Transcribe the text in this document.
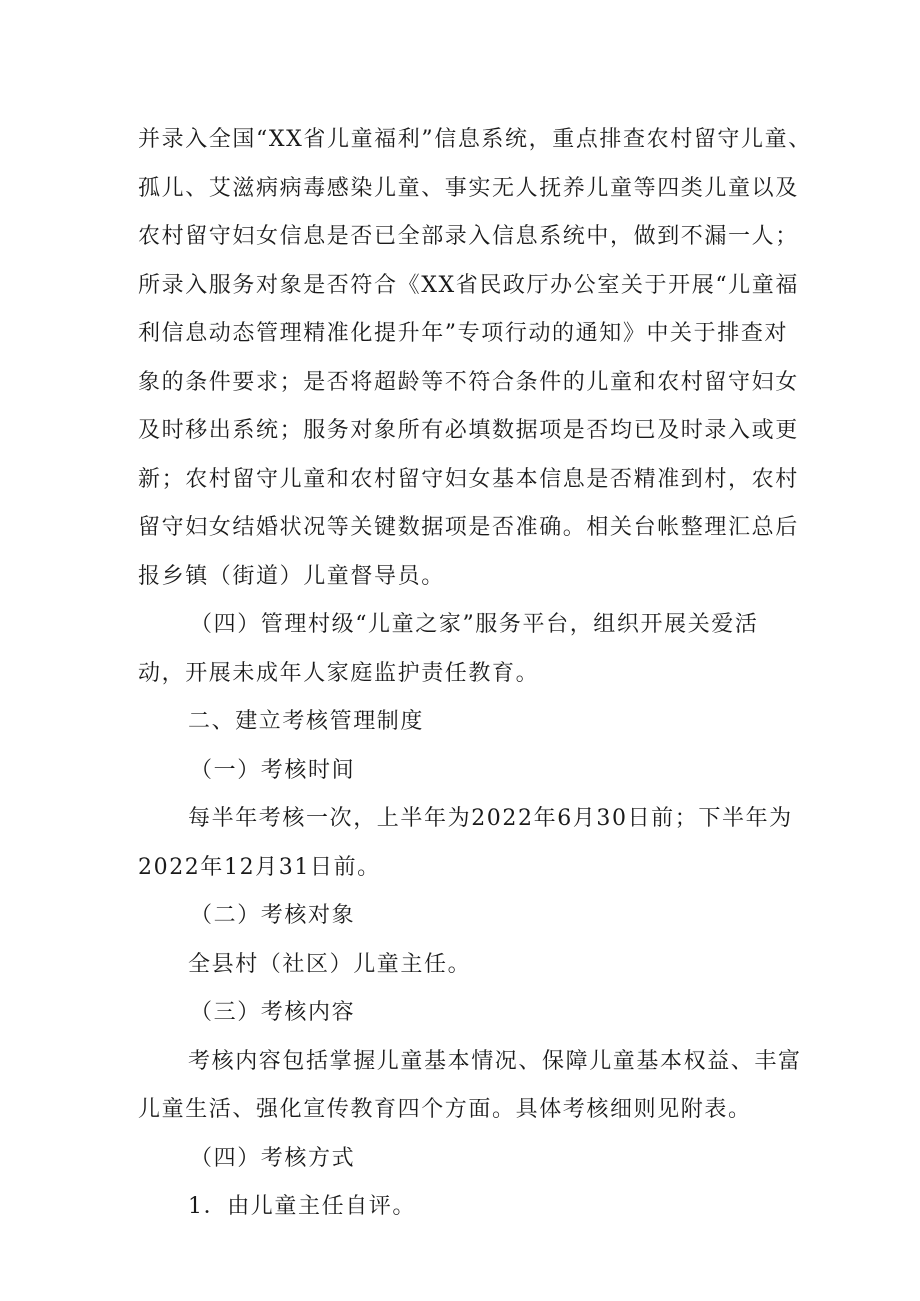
并录入全国“XX省儿童福利”信息系统，重点排查农村留守儿童、
孤儿、艾滋病病毒感染儿童、事实无人抚养儿童等四类儿童以及
农村留守妇女信息是否已全部录入信息系统中，做到不漏一人；
所录入服务对象是否符合《XX省民政厅办公室关于开展“儿童福
利信息动态管理精准化提升年”专项行动的通知》中关于排查对
象的条件要求；是否将超龄等不符合条件的儿童和农村留守妇女
及时移出系统；服务对象所有必填数据项是否均已及时录入或更
新；农村留守儿童和农村留守妇女基本信息是否精准到村，农村
留守妇女结婚状况等关键数据项是否准确。相关台帐整理汇总后
报乡镇（街道）儿童督导员。
（四）管理村级“儿童之家”服务平台，组织开展关爱活
动，开展未成年人家庭监护责任教育。
二、建立考核管理制度
（一）考核时间
每半年考核一次，上半年为2022年6月30日前；下半年为
2022年12月31日前。
（二）考核对象
全县村（社区）儿童主任。
（三）考核内容
考核内容包括掌握儿童基本情况、保障儿童基本权益、丰富
儿童生活、强化宣传教育四个方面。具体考核细则见附表。
（四）考核方式
1．由儿童主任自评。
